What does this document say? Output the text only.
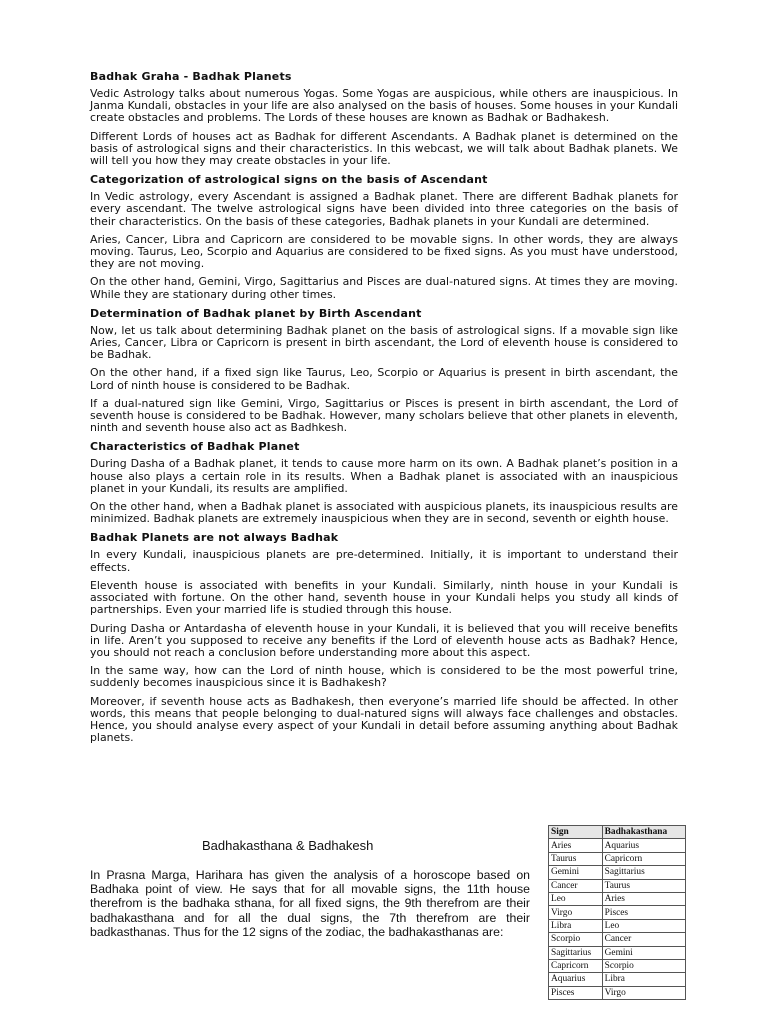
Badhak Graha - Badhak Planets

Vedic Astrology talks about numerous Yogas. Some Yogas are auspicious, while others are inauspicious. In Janma Kundali, obstacles in your life are also analysed on the basis of houses. Some houses in your Kundali create obstacles and problems. The Lords of these houses are known as Badhak or Badhakesh.

Different Lords of houses act as Badhak for different Ascendants. A Badhak planet is determined on the basis of astrological signs and their characteristics. In this webcast, we will talk about Badhak planets. We will tell you how they may create obstacles in your life.

Categorization of astrological signs on the basis of Ascendant

In Vedic astrology, every Ascendant is assigned a Badhak planet. There are different Badhak planets for every ascendant. The twelve astrological signs have been divided into three categories on the basis of their characteristics. On the basis of these categories, Badhak planets in your Kundali are determined.

Aries, Cancer, Libra and Capricorn are considered to be movable signs. In other words, they are always moving. Taurus, Leo, Scorpio and Aquarius are considered to be fixed signs. As you must have understood, they are not moving.

On the other hand, Gemini, Virgo, Sagittarius and Pisces are dual-natured signs. At times they are moving. While they are stationary during other times.

Determination of Badhak planet by Birth Ascendant

Now, let us talk about determining Badhak planet on the basis of astrological signs. If a movable sign like Aries, Cancer, Libra or Capricorn is present in birth ascendant, the Lord of eleventh house is considered to be Badhak.

On the other hand, if a fixed sign like Taurus, Leo, Scorpio or Aquarius is present in birth ascendant, the Lord of ninth house is considered to be Badhak.

If a dual-natured sign like Gemini, Virgo, Sagittarius or Pisces is present in birth ascendant, the Lord of seventh house is considered to be Badhak. However, many scholars believe that other planets in eleventh, ninth and seventh house also act as Badhkesh.

Characteristics of Badhak Planet

During Dasha of a Badhak planet, it tends to cause more harm on its own. A Badhak planet’s position in a house also plays a certain role in its results. When a Badhak planet is associated with an inauspicious planet in your Kundali, its results are amplified.

On the other hand, when a Badhak planet is associated with auspicious planets, its inauspicious results are minimized. Badhak planets are extremely inauspicious when they are in second, seventh or eighth house.

Badhak Planets are not always Badhak

In every Kundali, inauspicious planets are pre-determined. Initially, it is important to understand their effects.

Eleventh house is associated with benefits in your Kundali. Similarly, ninth house in your Kundali is associated with fortune. On the other hand, seventh house in your Kundali helps you study all kinds of partnerships. Even your married life is studied through this house.

During Dasha or Antardasha of eleventh house in your Kundali, it is believed that you will receive benefits in life. Aren’t you supposed to receive any benefits if the Lord of eleventh house acts as Badhak? Hence, you should not reach a conclusion before understanding more about this aspect.

In the same way, how can the Lord of ninth house, which is considered to be the most powerful trine, suddenly becomes inauspicious since it is Badhakesh?

Moreover, if seventh house acts as Badhakesh, then everyone’s married life should be affected. In other words, this means that people belonging to dual-natured signs will always face challenges and obstacles. Hence, you should analyse every aspect of your Kundali in detail before assuming anything about Badhak planets.

Badhakasthana & Badhakesh

In Prasna Marga, Harihara has given the analysis of a horoscope based on Badhaka point of view. He says that for all movable signs, the 11th house therefrom is the badhaka sthana, for all fixed signs, the 9th therefrom are their badhakasthana and for all the dual signs, the 7th therefrom are their badkasthanas. Thus for the 12 signs of the zodiac, the badhakasthanas are:

Sign	Badhakasthana
Aries	Aquarius
Taurus	Capricorn
Gemini	Sagittarius
Cancer	Taurus
Leo	Aries
Virgo	Pisces
Libra	Leo
Scorpio	Cancer
Sagittarius	Gemini
Capricorn	Scorpio
Aquarius	Libra
Pisces	Virgo
